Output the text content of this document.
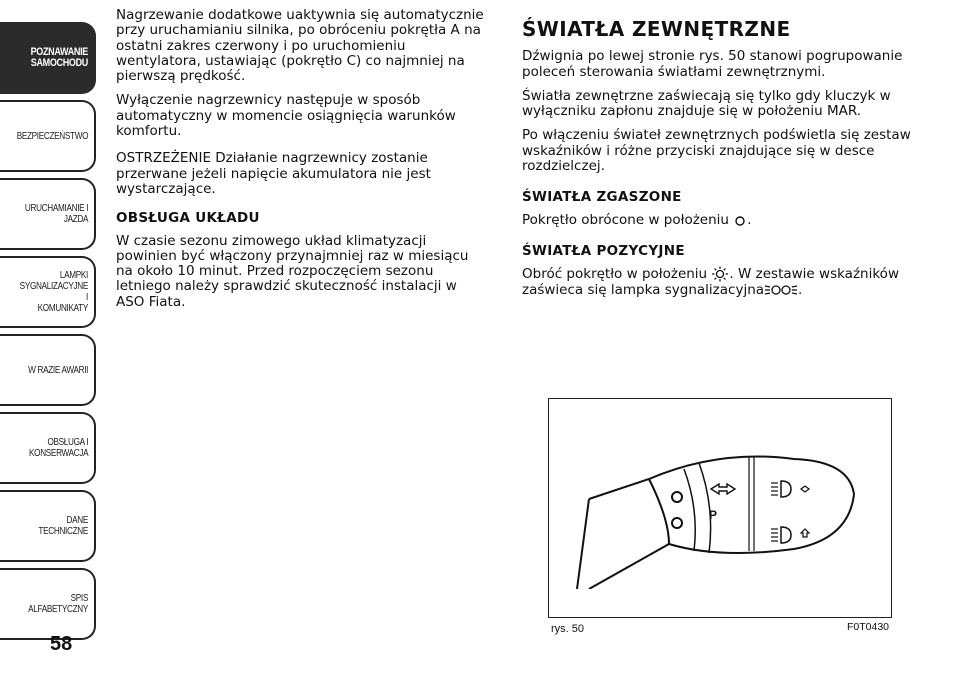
POZNAWANIE
SAMOCHODU
BEZPIECZEŃSTWO
URUCHAMIANIE I
JAZDA
LAMPKI
SYGNALIZACYJNE I
KOMUNIKATY
W RAZIE AWARII
OBSŁUGA I
KONSERWACJA
DANE TECHNICZNE
SPIS ALFABETYCZNY
58

Nagrzewanie dodatkowe uaktywnia się automatycznie przy uruchamianiu silnika, po obróceniu pokrętła A na ostatni zakres czerwony i po uruchomieniu wentylatora, ustawiając (pokrętło C) co najmniej na pierwszą prędkość.

Wyłączenie nagrzewnicy następuje w sposób automatyczny w momencie osiągnięcia warunków komfortu.

OSTRZEŻENIE Działanie nagrzewnicy zostanie przerwane jeżeli napięcie akumulatora nie jest wystarczające.

OBSŁUGA UKŁADU

W czasie sezonu zimowego układ klimatyzacji powinien być włączony przynajmniej raz w miesiącu na około 10 minut. Przed rozpoczęciem sezonu letniego należy sprawdzić skuteczność instalacji w ASO Fiata.

ŚWIATŁA ZEWNĘTRZNE

Dźwignia po lewej stronie rys. 50 stanowi pogrupowanie poleceń sterowania światłami zewnętrznymi.

Światła zewnętrzne zaświecają się tylko gdy kluczyk w wyłączniku zapłonu znajduje się w położeniu MAR.

Po włączeniu świateł zewnętrznych podświetla się zestaw wskaźników i różne przyciski znajdujące się w desce rozdzielczej.

ŚWIATŁA ZGASZONE

Pokrętło obrócone w położeniu .

ŚWIATŁA POZYCYJNE

Obróć pokrętło w położeniu . W zestawie wskaźników zaświeca się lampka sygnalizacyjna	.

P
rys. 50	F0T0430
